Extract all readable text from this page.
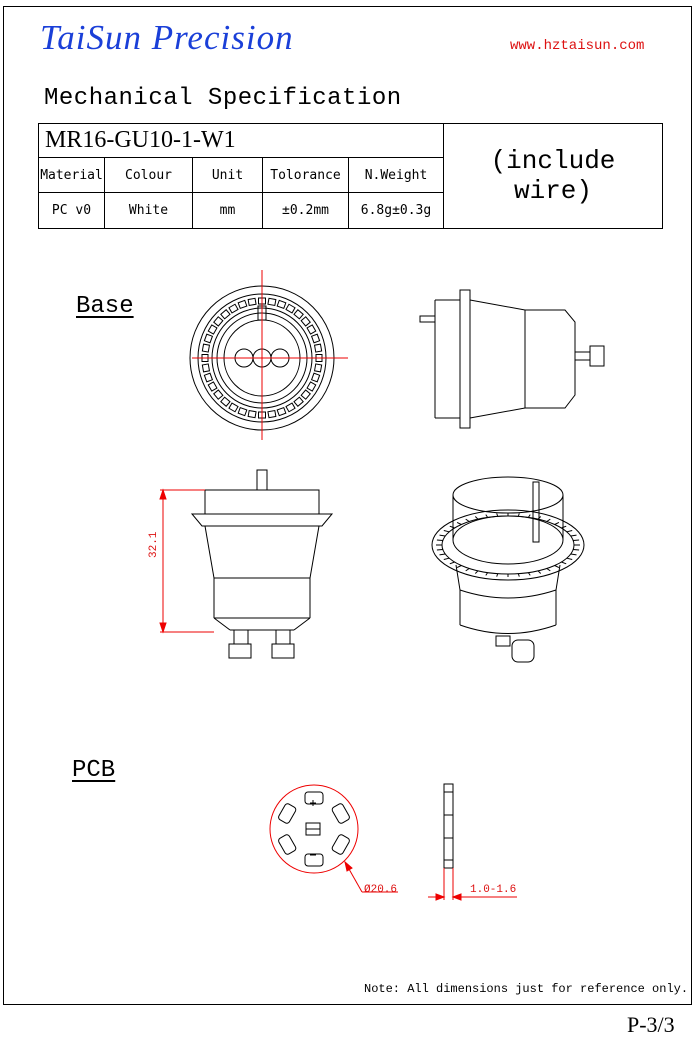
TaiSun Precision	www.hztaisun.com
Mechanical Specification
MR16-GU10-1-W1					(include wire)
Material	Colour	Unit	Tolorance	N.Weight	
PC v0	White	mm	±0.2mm	6.8g±0.3g	
Base
PCB
32.1
Ø20.6	1.0-1.6
Note: All dimensions just for reference only.
P-3/3
